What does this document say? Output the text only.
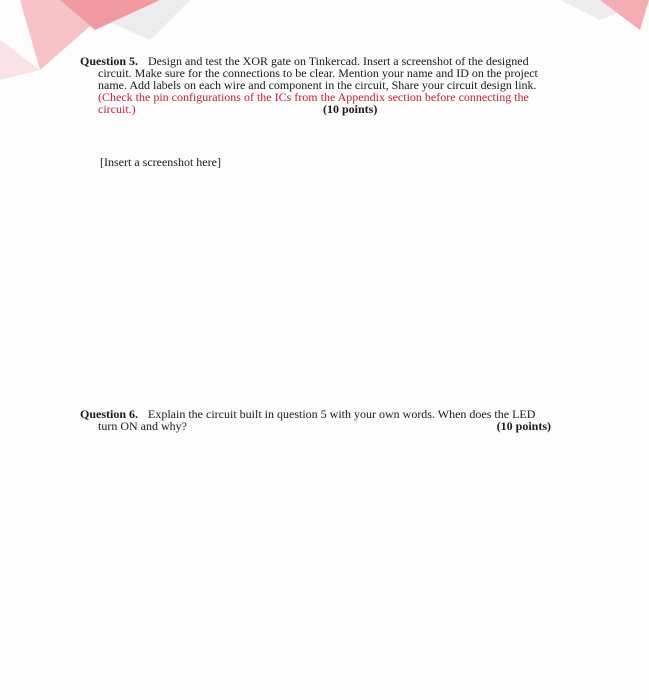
Question 5. Design and test the XOR gate on Tinkercad. Insert a screenshot of the designed

circuit. Make sure for the connections to be clear. Mention your name and ID on the project

name. Add labels on each wire and component in the circuit, Share your circuit design link.

(Check the pin configurations of the ICs from the Appendix section before connecting the

circuit.)	(10 points)
[Insert a screenshot here]

Question 6. Explain the circuit built in question 5 with your own words. When does the LED

turn ON and why?	(10 points)
